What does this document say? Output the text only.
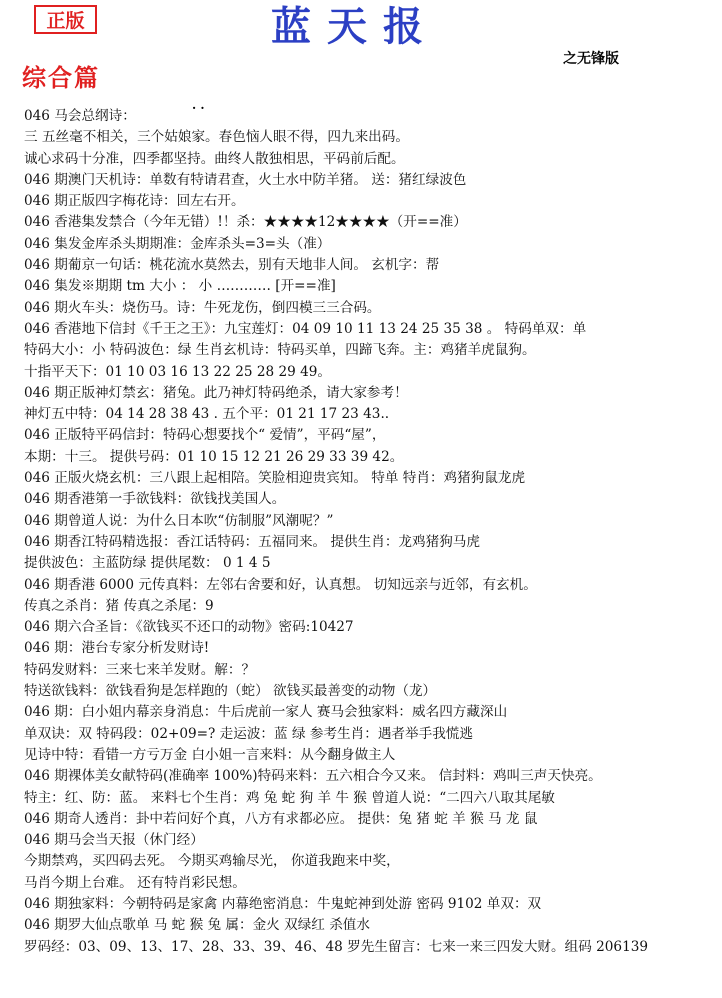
正版	蓝天报
之无锋版
综合篇
. .
046 马会总纲诗：
三 五丝毫不相关，三个姑娘家。春色恼人眼不得，四九来出码。
诚心求码十分准，四季都坚持。曲终人散独相思，平码前后配。
046 期澳门天机诗：单数有特请君查，火土水中防羊猪。 送：猪红绿波色
046 期正版四字梅花诗：回左右开。
046 香港集发禁合（今年无错）!！杀：★★★★12★★★★（开==准）
046 集发金库杀头期期准：金库杀头=3=头（准）
046 期葡京一句话：桃花流水莫然去，别有天地非人间。 玄机字：帮
046 集发※期期 tm 大小 ： 小 ………… [开==准]
046 期火车头：烧伤马。诗：牛死龙伤，倒四模三三合码。
046 香港地下信封《千王之王》：九宝莲灯：04 09 10 11 13 24 25 35 38 。 特码单双：单
特码大小：小 特码波色：绿 生肖玄机诗：特码买单，四蹄飞奔。主：鸡猪羊虎鼠狗。
十指平天下：01 10 03 16 13 22 25 28 29 49。
046 期正版神灯禁玄：猪兔。此乃神灯特码绝杀，请大家参考！
神灯五中特：04 14 28 38 43 . 五个平：01 21 17 23 43..
046 正版特平码信封：特码心想要找个“ 爱情”，平码“屋”，
本期：十三。 提供号码：01 10 15 12 21 26 29 33 39 42。
046 正版火烧玄机：三八跟上起相陪。笑脸相迎贵宾知。 特单 特肖：鸡猪狗鼠龙虎
046 期香港第一手欲钱料：欲钱找美国人。
046 期曾道人说：为什么日本吹“仿制服”风潮呢？”
046 期香江特码精选报：香江话特码：五福同来。 提供生肖：龙鸡猪狗马虎
提供波色：主蓝防绿 提供尾数： 0 1 4 5
046 期香港 6000 元传真料：左邻右舍要和好，认真想。 切知远亲与近邻，有玄机。
传真之杀肖：猪 传真之杀尾：9
046 期六合圣旨：《欲钱买不还口的动物》密码:10427
046 期：港台专家分析发财诗!
特码发财料：三来七来羊发财。解：？
特送欲钱料：欲钱看狗是怎样跑的（蛇） 欲钱买最善变的动物（龙）
046 期：白小姐内幕亲身消息：牛后虎前一家人 赛马会独家料：威名四方藏深山
单双诀：双 特码段：02+09=? 走运波：蓝 绿 参考生肖：遇者举手我慌逃
见诗中特：看错一方亏万金 白小姐一言来料：从今翻身做主人
046 期裸体美女献特码(准确率 100%)特码来料：五六相合今又来。 信封料：鸡叫三声天快亮。
特主：红、防：蓝。 来料七个生肖：鸡 兔 蛇 狗 羊 牛 猴 曾道人说：“二四六八取其尾敏
046 期奇人透肖：卦中若问好个真，八方有求都必应。 提供：兔 猪 蛇 羊 猴 马 龙 鼠
046 期马会当天报（休门经）
今期禁鸡，买四码去死。 今期买鸡输尽光， 你道我跑来中奖，
马肖今期上台难。 还有特肖彩民想。
046 期独家料：今朝特码是家禽 内幕绝密消息：牛鬼蛇神到处游 密码 9102 单双：双
046 期罗大仙点歌单 马 蛇 猴 兔 属：金火 双绿红 杀值水
罗码经：03、09、13、17、28、33、39、46、48 罗先生留言：七来一来三四发大财。组码 206139
